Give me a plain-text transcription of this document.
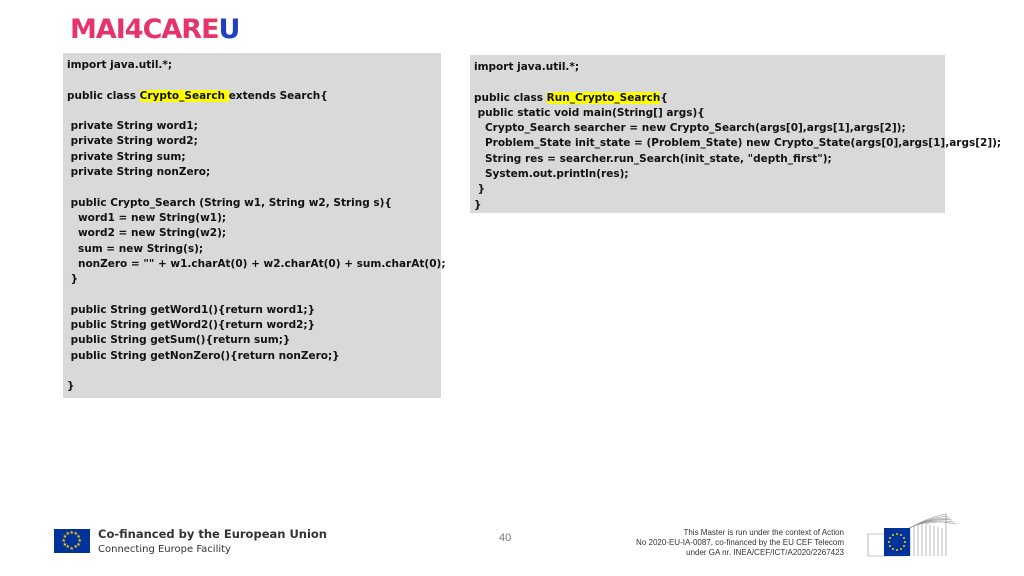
MA I4CARE U
import java.util.*;
public class Crypto_Search extends Search{
private String word1;
private String word2;
private String sum;
private String nonZero;
public Crypto_Search (String w1, String w2, String s){
word1 = new String(w1);
word2 = new String(w2);
sum = new String(s);
nonZero = "" + w1.charAt(0) + w2.charAt(0) + sum.charAt(0);
}
public String getWord1(){return word1;}
public String getWord2(){return word2;}
public String getSum(){return sum;}
public String getNonZero(){return nonZero;}
}
import java.util.*;
public class Run_Crypto_Search{
public static void main(String[] args){
Crypto_Search searcher = new Crypto_Search(args[0],args[1],args[2]);
Problem_State init_state = (Problem_State) new Crypto_State(args[0],args[1],args[2]);
String res = searcher.run_Search(init_state, "depth_first");
System.out.println(res);
}
}
★ ★
★
★
★
★
★
★
★
★
★
★ Co-financed by the European Union
Connecting Europe Facility
40	This Master is run under the context of Action
No 2020-EU-IA-0087, co-financed by the EU CEF Telecom
under GA nr. INEA/CEF/ICT/A2020/2267423
